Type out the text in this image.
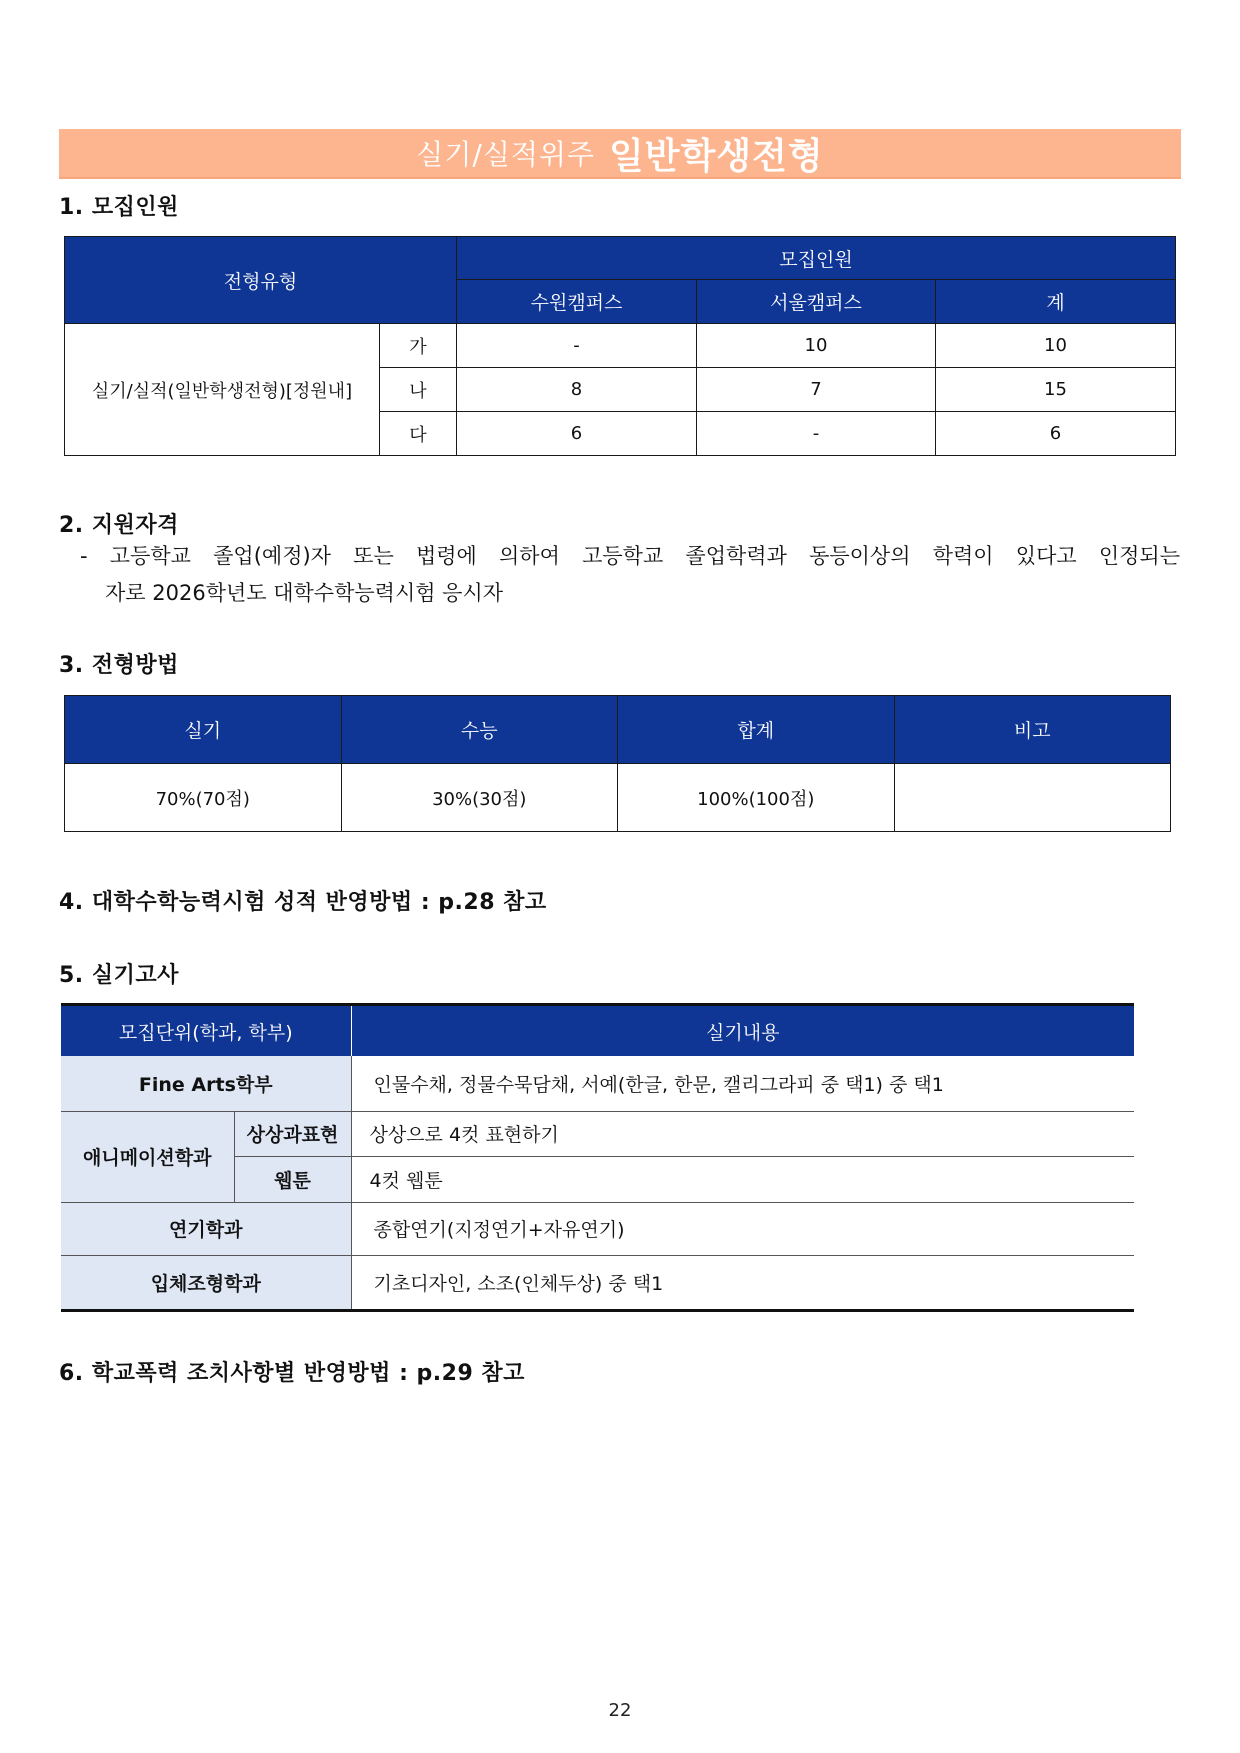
실기/실적위주 일반학생전형
1. 모집인원
전형유형		모집인원		
		수원캠퍼스	서울캠퍼스	계
실기/실적(일반학생전형)[정원내]	가	-	10	10
	나	8	7	15
	다	6	-	6
2. 지원자격
- 고등학교 졸업(예정)자 또는 법령에 의하여 고등학교 졸업학력과 동등이상의 학력이 있다고 인정되는
자로 2026학년도 대학수학능력시험 응시자
3. 전형방법
실기	수능	합계	비고
70%(70점)	30%(30점)	100%(100점)	
4. 대학수학능력시험 성적 반영방법 : p.28 참고
5. 실기고사
모집단위(학과, 학부)		실기내용
Fine Arts학부		인물수채, 정물수묵담채, 서예(한글, 한문, 캘리그라피 중 택1) 중 택1
애니메이션학과	상상과표현	상상으로 4컷 표현하기
	웹툰	4컷 웹툰
연기학과		종합연기(지정연기+자유연기)
입체조형학과		기초디자인, 소조(인체두상) 중 택1
6. 학교폭력 조치사항별 반영방법 : p.29 참고
22
